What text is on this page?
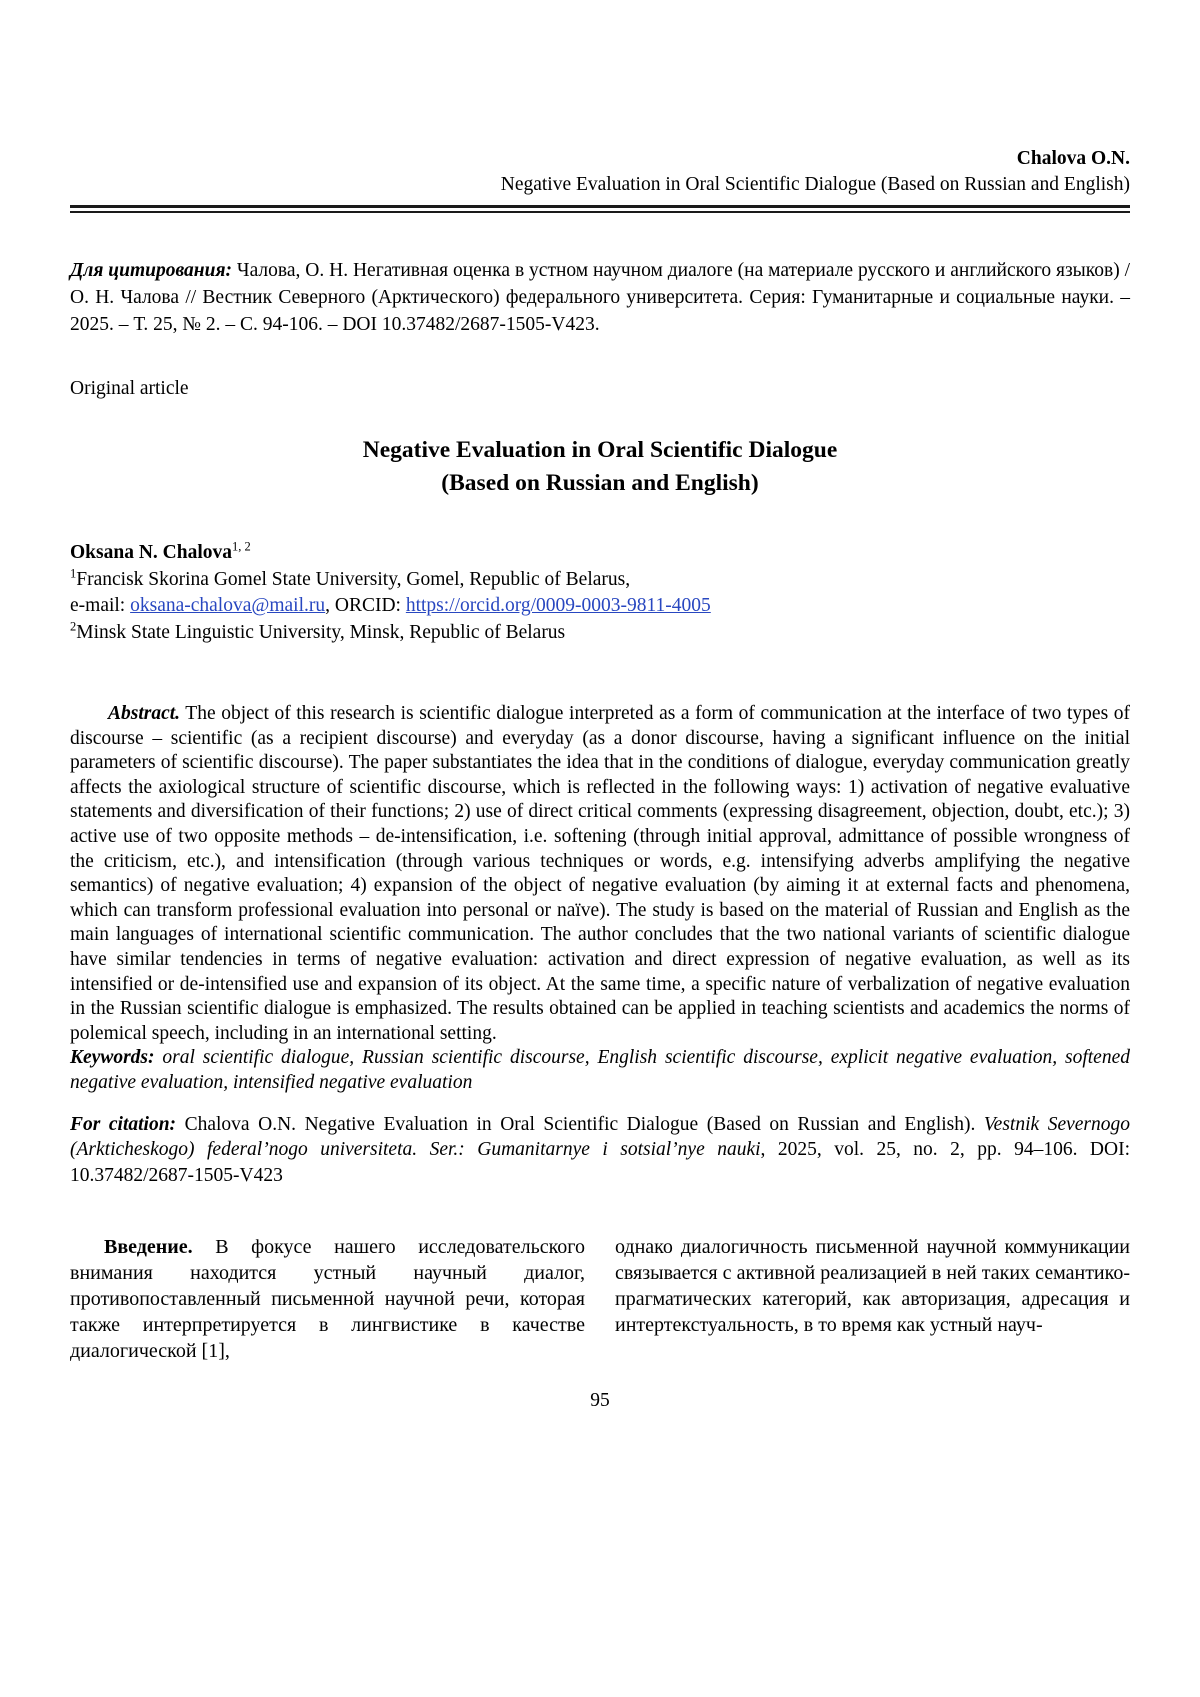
Chalova O.N.
Negative Evaluation in Oral Scientific Dialogue (Based on Russian and English)

Для цитирования: Чалова, О. Н. Негативная оценка в устном научном диалоге (на материале русского и английского языков) / О. Н. Чалова // Вестник Северного (Арктического) федерального университета. Серия: Гуманитарные и социальные науки. – 2025. – Т. 25, № 2. – С. 94-106. – DOI 10.37482/2687-1505-V423.

Original article

Negative Evaluation in Oral Scientific Dialogue
(Based on Russian and English)

Oksana N. Chalova$^{1, 2}$

$^1$Francisk Skorina Gomel State University, Gomel, Republic of Belarus,

e-mail: oksana-chalova@mail.ru, ORCID: https://orcid.org/0009-0003-9811-4005

$^2$Minsk State Linguistic University, Minsk, Republic of Belarus

Abstract. The object of this research is scientific dialogue interpreted as a form of communication at the interface of two types of discourse – scientific (as a recipient discourse) and everyday (as a donor discourse, having a significant influence on the initial parameters of scientific discourse). The paper substantiates the idea that in the conditions of dialogue, everyday communication greatly affects the axiological structure of scientific discourse, which is reflected in the following ways: 1) activation of negative evaluative statements and diversification of their functions; 2) use of direct critical comments (expressing disagreement, objection, doubt, etc.); 3) active use of two opposite methods – de-intensification, i.e. softening (through initial approval, admittance of possible wrongness of the criticism, etc.), and intensification (through various techniques or words, e.g. intensifying adverbs amplifying the negative semantics) of negative evaluation; 4) expansion of the object of negative evaluation (by aiming it at external facts and phenomena, which can transform professional evaluation into personal or naïve). The study is based on the material of Russian and English as the main languages of international scientific communication. The author concludes that the two national variants of scientific dialogue have similar tendencies in terms of negative evaluation: activation and direct expression of negative evaluation, as well as its intensified or de-intensified use and expansion of its object. At the same time, a specific nature of verbalization of negative evaluation in the Russian scientific dialogue is emphasized. The results obtained can be applied in teaching scientists and academics the norms of polemical speech, including in an international setting.

Keywords: oral scientific dialogue, Russian scientific discourse, English scientific discourse, explicit negative evaluation, softened negative evaluation, intensified negative evaluation

For citation: Chalova O.N. Negative Evaluation in Oral Scientific Dialogue (Based on Russian and English). Vestnik Severnogo (Arkticheskogo) federal’nogo universiteta. Ser.: Gumanitarnye i sotsial’nye nauki, 2025, vol. 25, no. 2, pp. 94–106. DOI: 10.37482/2687-1505-V423

Введение. В фокусе нашего исследовательского внимания находится устный научный диалог, противопоставленный письменной научной речи, которая также интерпретируется в лингвистике в качестве диалогической [1],

однако диалогичность письменной научной коммуникации связывается с активной реализацией в ней таких семантико-прагматических категорий, как авторизация, адресация и интертекстуальность, в то время как устный науч-

95
